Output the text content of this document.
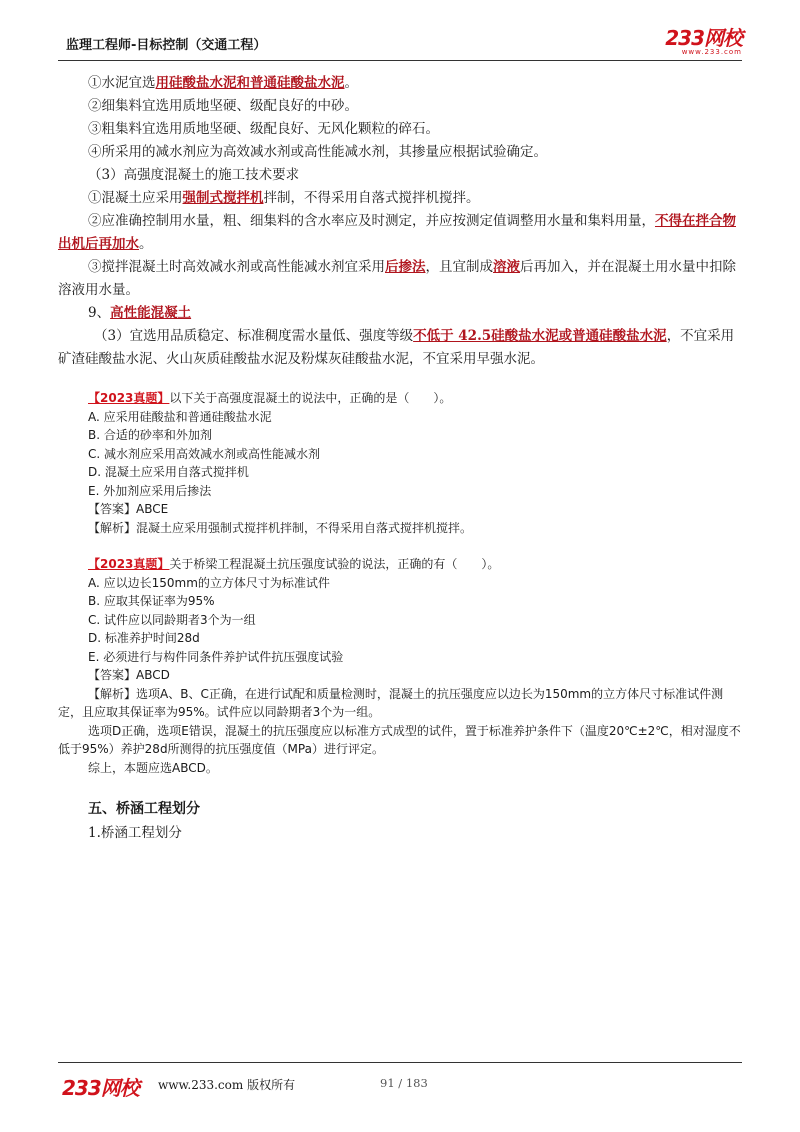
监理工程师-目标控制（交通工程）	233网校
www.233.com

①水泥宜选用硅酸盐水泥和普通硅酸盐水泥。

②细集料宜选用质地坚硬、级配良好的中砂。

③粗集料宜选用质地坚硬、级配良好、无风化颗粒的碎石。

④所采用的减水剂应为高效减水剂或高性能减水剂，其掺量应根据试验确定。

（3）高强度混凝土的施工技术要求

①混凝土应采用强制式搅拌机拌制，不得采用自落式搅拌机搅拌。

②应准确控制用水量，粗、细集料的含水率应及时测定，并应按测定值调整用水量和集料用量，不得在拌合物出机后再加水。

③搅拌混凝土时高效减水剂或高性能减水剂宜采用后掺法，且宜制成溶液后再加入，并在混凝土用水量中扣除溶液用水量。

9、高性能混凝土

（3）宜选用品质稳定、标准稠度需水量低、强度等级不低于 42.5硅酸盐水泥或普通硅酸盐水泥，不宜采用矿渣硅酸盐水泥、火山灰质硅酸盐水泥及粉煤灰硅酸盐水泥，不宜采用早强水泥。

【2023真题】以下关于高强度混凝土的说法中，正确的是（　　）。

A. 应采用硅酸盐和普通硅酸盐水泥

B. 合适的砂率和外加剂

C. 减水剂应采用高效减水剂或高性能减水剂

D. 混凝土应采用自落式搅拌机

E. 外加剂应采用后掺法

【答案】ABCE

【解析】混凝土应采用强制式搅拌机拌制，不得采用自落式搅拌机搅拌。

【2023真题】关于桥梁工程混凝土抗压强度试验的说法，正确的有（　　）。

A. 应以边长150mm的立方体尺寸为标准试件

B. 应取其保证率为95%

C. 试件应以同龄期者3个为一组

D. 标准养护时间28d

E. 必须进行与构件同条件养护试件抗压强度试验

【答案】ABCD

【解析】选项A、B、C正确，在进行试配和质量检测时，混凝土的抗压强度应以边长为150mm的立方体尺寸标准试件测定，且应取其保证率为95%。试件应以同龄期者3个为一组。

选项D正确，选项E错误，混凝土的抗压强度应以标准方式成型的试件，置于标准养护条件下（温度20℃±2℃，相对湿度不低于95%）养护28d所测得的抗压强度值（MPa）进行评定。

综上，本题应选ABCD。

五、桥涵工程划分

1.桥涵工程划分

233网校 www.233.com 版权所有	91 / 183
